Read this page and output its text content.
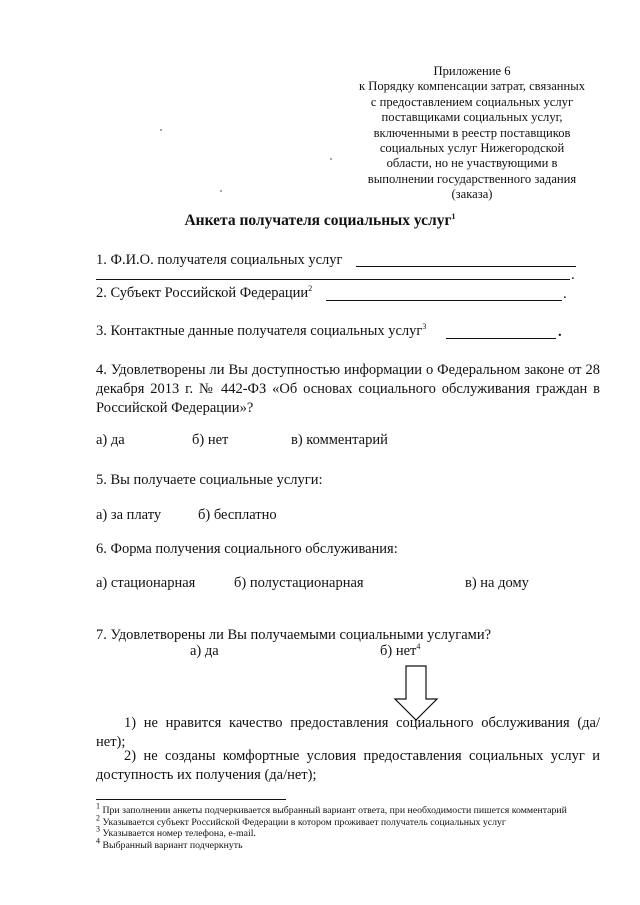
Приложение 6
к Порядку компенсации затрат, связанных
с предоставлением социальных услуг
поставщиками социальных услуг,
включенными в реестр поставщиков
социальных услуг Нижегородской
области, но не участвующими в
выполнении государственного задания
(заказа)
Анкета получателя социальных услуг$^1$
1. Ф.И.О. получателя социальных услуг
.
2. Субъект Российской Федерации$^2$	.
3. Контактные данные получателя социальных услуг$^3$	.
4. Удовлетворены ли Вы доступностью информации о Федеральном законе от 28 декабря 2013 г. № 442-ФЗ «Об основах социального обслуживания граждан в Российской Федерации»?
а) да	б) нет	в) комментарий
5. Вы получаете социальные услуги:
а) за плату	б) бесплатно
6. Форма получения социального обслуживания:
а) стационарная	б) полустационарная	в) на дому
7. Удовлетворены ли Вы получаемыми социальными услугами?
а) да	б) нет$^4$
1) не нравится качество предоставления социального обслуживания (да/нет);
2) не созданы комфортные условия предоставления социальных услуг и доступность их получения (да/нет);
$^1$ При заполнении анкеты подчеркивается выбранный вариант ответа, при необходимости пишется комментарий
$^2$ Указывается субъект Российской Федерации в котором проживает получатель социальных услуг
$^3$ Указывается номер телефона, e-mail.
$^4$ Выбранный вариант подчеркнуть
